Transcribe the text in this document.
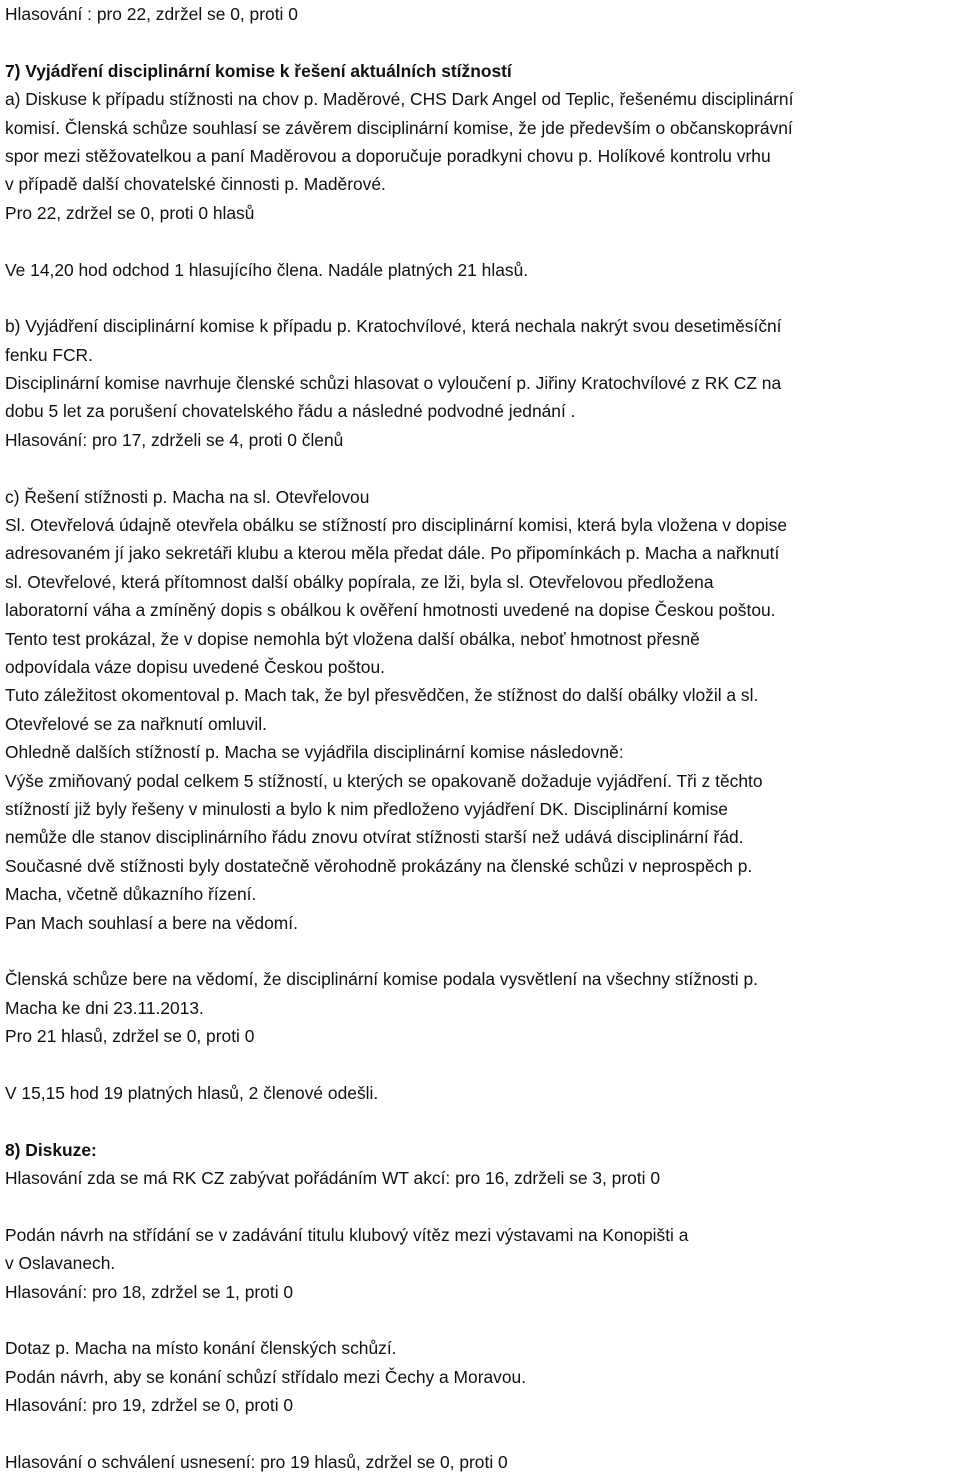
Hlasování : pro 22, zdržel se 0, proti 0
7) Vyjádření disciplinární komise k řešení aktuálních stížností
a) Diskuse k případu stížnosti na chov p. Maděrové, CHS Dark Angel od Teplic, řešenému disciplinární
komisí. Členská schůze souhlasí se závěrem disciplinární komise, že jde především o občanskoprávní
spor mezi stěžovatelkou a paní Maděrovou a doporučuje poradkyni chovu p. Holíkové kontrolu vrhu
v případě další chovatelské činnosti p. Maděrové.
Pro 22, zdržel se 0, proti 0 hlasů
Ve 14,20 hod odchod 1 hlasujícího člena. Nadále platných 21 hlasů.
b) Vyjádření disciplinární komise k případu p. Kratochvílové, která nechala nakrýt svou desetiměsíční
fenku FCR.
Disciplinární komise navrhuje členské schůzi hlasovat o vyloučení p. Jiřiny Kratochvílové z RK CZ na
dobu 5 let za porušení chovatelského řádu a následné podvodné jednání .
Hlasování: pro 17, zdrželi se 4, proti 0 členů
c) Řešení stížnosti p. Macha na sl. Otevřelovou
Sl. Otevřelová údajně otevřela obálku se stížností pro disciplinární komisi, která byla vložena v dopise
adresovaném jí jako sekretáři klubu a kterou měla předat dále. Po připomínkách p. Macha a nařknutí
sl. Otevřelové, která přítomnost další obálky popírala, ze lži, byla sl. Otevřelovou předložena
laboratorní váha a zmíněný dopis s obálkou k ověření hmotnosti uvedené na dopise Českou poštou.
Tento test prokázal, že v dopise nemohla být vložena další obálka, neboť hmotnost přesně
odpovídala váze dopisu uvedené Českou poštou.
Tuto záležitost okomentoval p. Mach tak, že byl přesvědčen, že stížnost do další obálky vložil a sl.
Otevřelové se za nařknutí omluvil.
Ohledně dalších stížností p. Macha se vyjádřila disciplinární komise následovně:
Výše zmiňovaný podal celkem 5 stížností, u kterých se opakovaně dožaduje vyjádření. Tři z těchto
stížností již byly řešeny v minulosti a bylo k nim předloženo vyjádření DK. Disciplinární komise
nemůže dle stanov disciplinárního řádu znovu otvírat stížnosti starší než udává disciplinární řád.
Současné dvě stížnosti byly dostatečně věrohodně prokázány na členské schůzi v neprospěch p.
Macha, včetně důkazního řízení.
Pan Mach souhlasí a bere na vědomí.
Členská schůze bere na vědomí, že disciplinární komise podala vysvětlení na všechny stížnosti p.
Macha ke dni 23.11.2013.
Pro 21 hlasů, zdržel se 0, proti 0
V 15,15 hod 19 platných hlasů, 2 členové odešli.
8) Diskuze:
Hlasování zda se má RK CZ zabývat pořádáním WT akcí: pro 16, zdrželi se 3, proti 0
Podán návrh na střídání se v zadávání titulu klubový vítěz mezi výstavami na Konopišti a
v Oslavanech.
Hlasování: pro 18, zdržel se 1, proti 0
Dotaz p. Macha na místo konání členských schůzí.
Podán návrh, aby se konání schůzí střídalo mezi Čechy a Moravou.
Hlasování: pro 19, zdržel se 0, proti 0
Hlasování o schválení usnesení: pro 19 hlasů, zdržel se 0, proti 0
